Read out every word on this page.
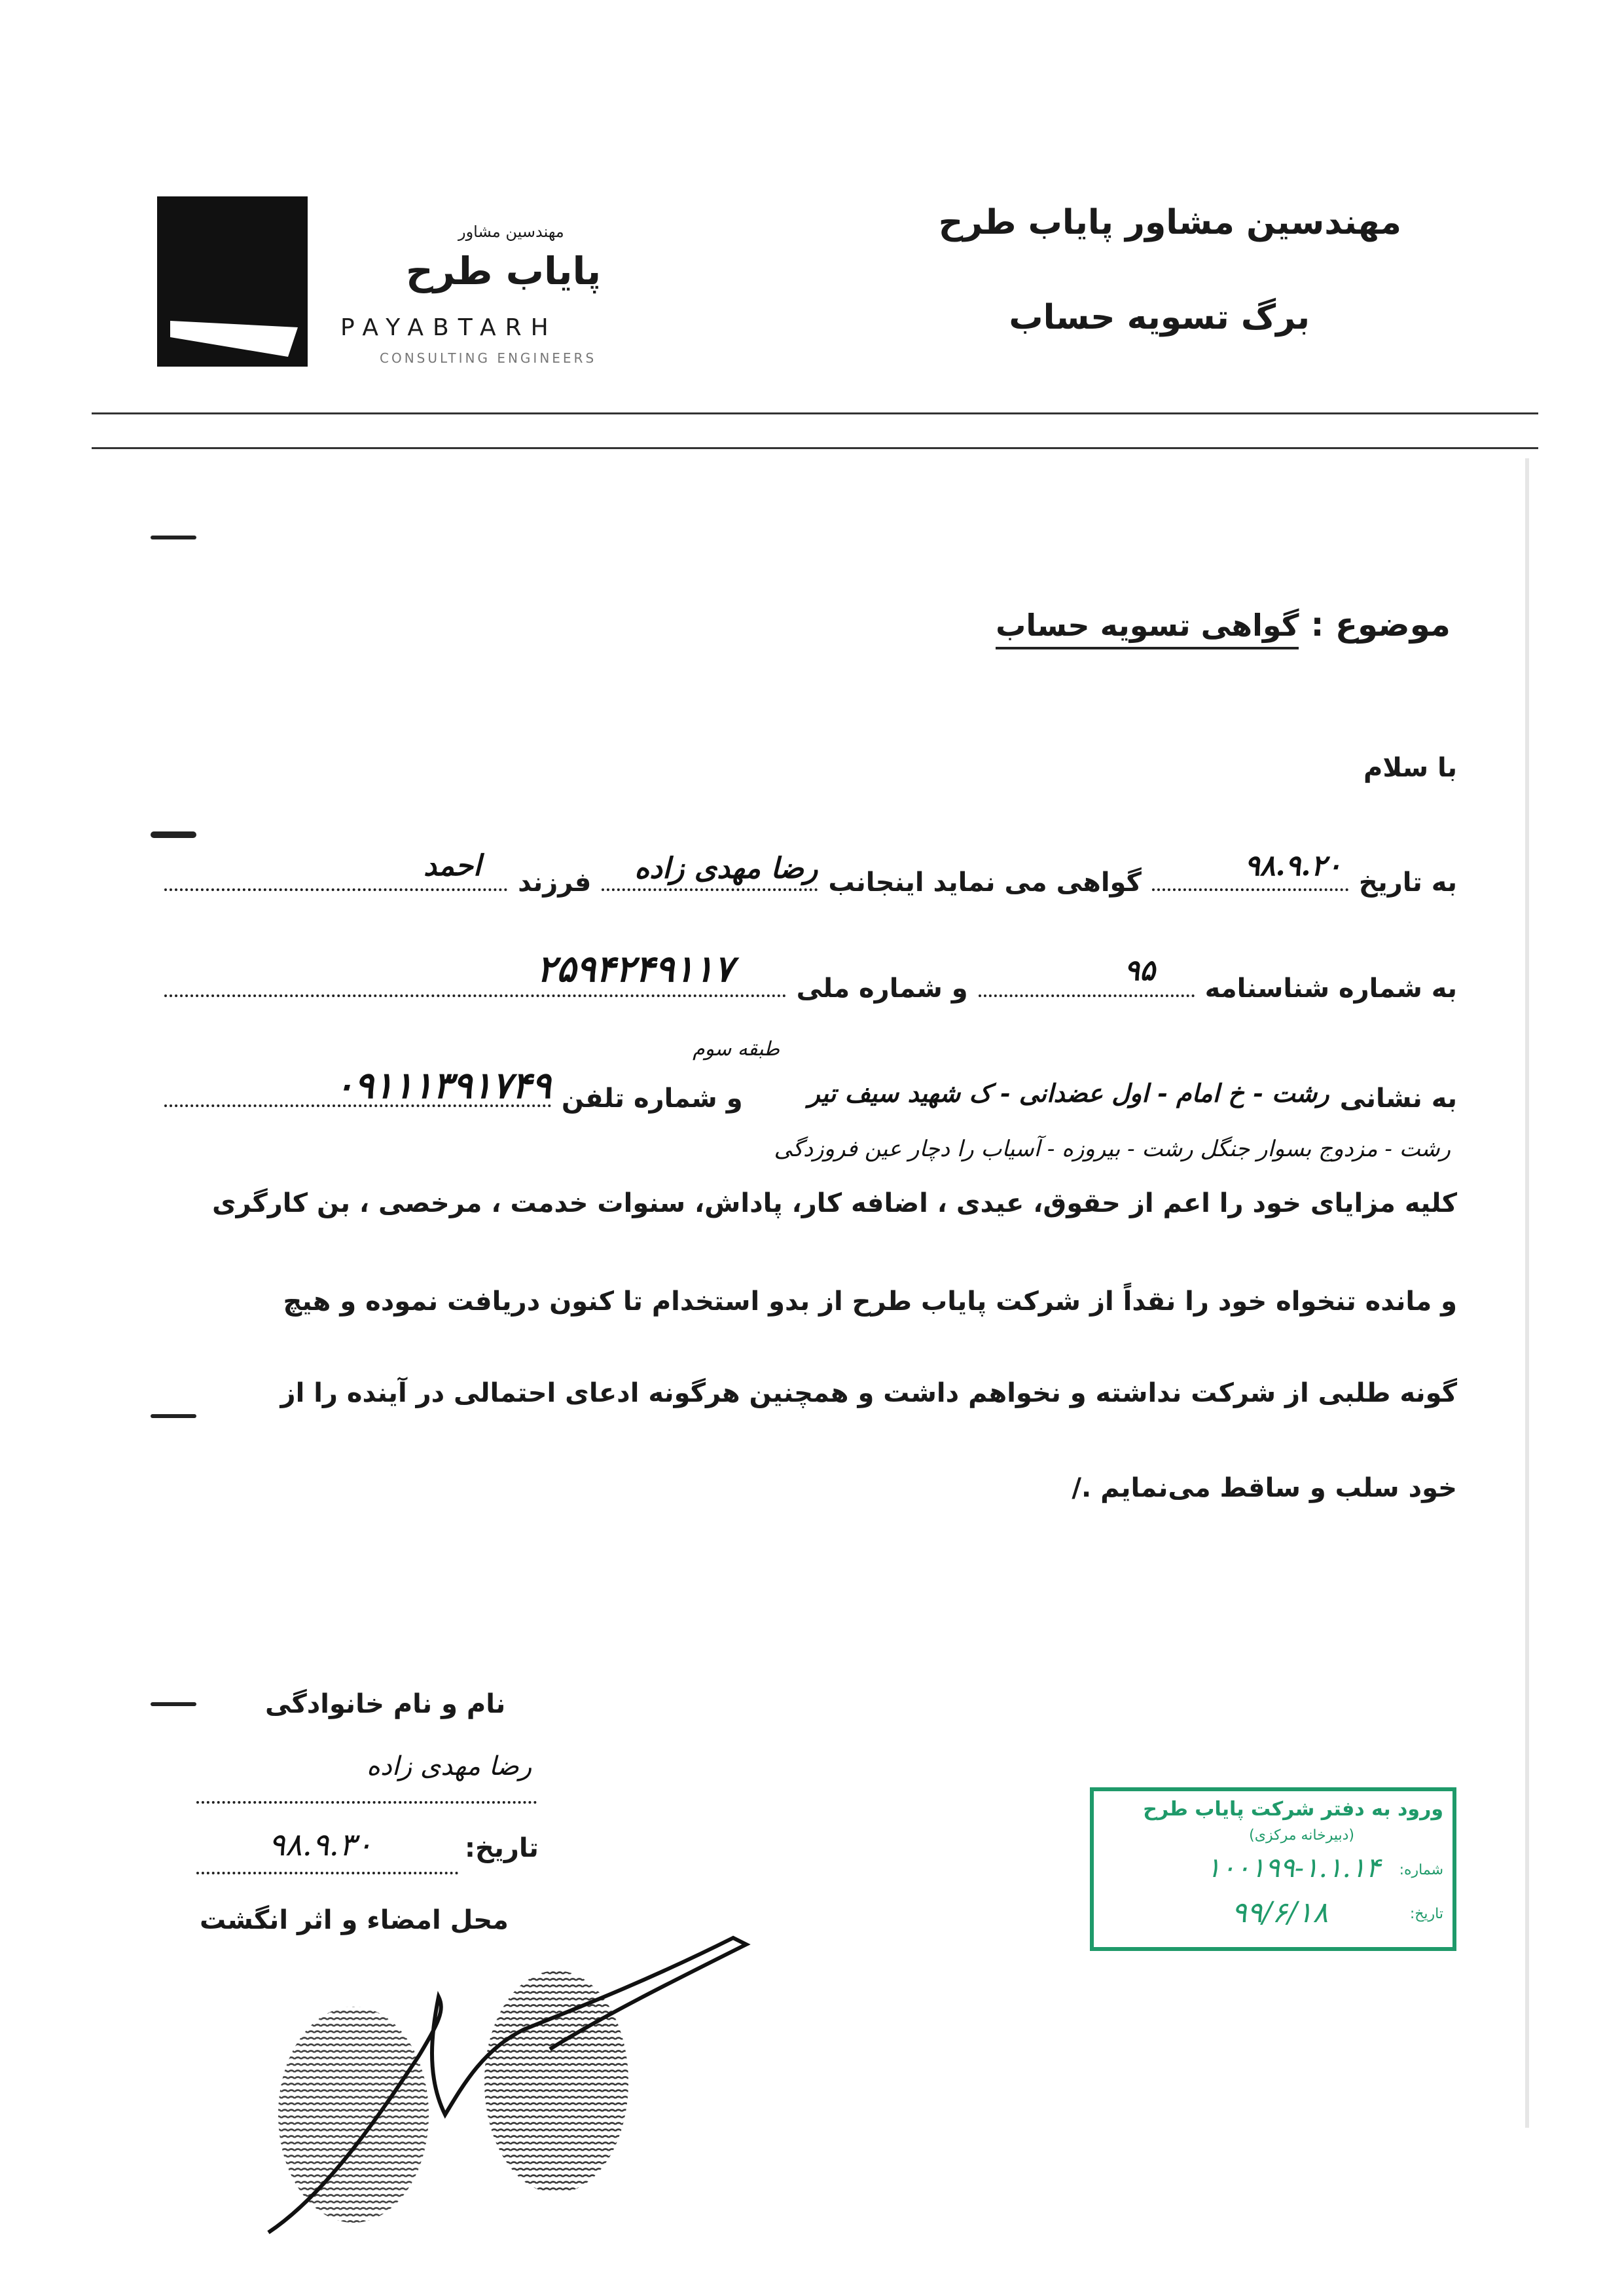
مهندسین مشاور
پایاب طرح
PAYABTARH
CONSULTING ENGINEERS
مهندسین مشاور پایاب طرح
برگ تسویه حساب
موضوع :
گواهی تسویه حساب
با سلام
به تاریخ
۹۸.۹.۲۰
گواهی می نماید اینجانب
رضا مهدی زاده
فرزند
احمد
به شماره شناسنامه
۹۵
و شماره ملی
۲۵۹۴۲۴۹۱۱۷
طبقه سوم
به نشانی
رشت - خ امام - اول عضدانی - ک شهید سیف تیر
و شماره تلفن
۰۹۱۱۱۳۹۱۷۴۹
رشت - مزدوج بسوار جنگل رشت - بیروزه - آسیاب را دچار عین فروزدگی
کلیه مزایای خود را اعم از حقوق، عیدی ، اضافه کار، پاداش، سنوات خدمت ، مرخصی ، بن کارگری
و مانده تنخواه خود را نقداً از شرکت پایاب طرح از بدو استخدام تا کنون دریافت نموده و هیچ
گونه طلبی از شرکت نداشته و نخواهم داشت و همچنین هرگونه ادعای احتمالی در آینده را از
خود سلب و ساقط می‌نمایم ./
نام و نام خانوادگی
رضا مهدی زاده
تاریخ:
۹۸.۹.۳۰
محل امضاء و اثر انگشت
ورود به دفتر شرکت پایاب طرح
(دبیرخانه مرکزی)
شماره:
۱۰۰۱۹۹-۱.۱.۱۴
تاریخ:
۹۹/۶/۱۸
